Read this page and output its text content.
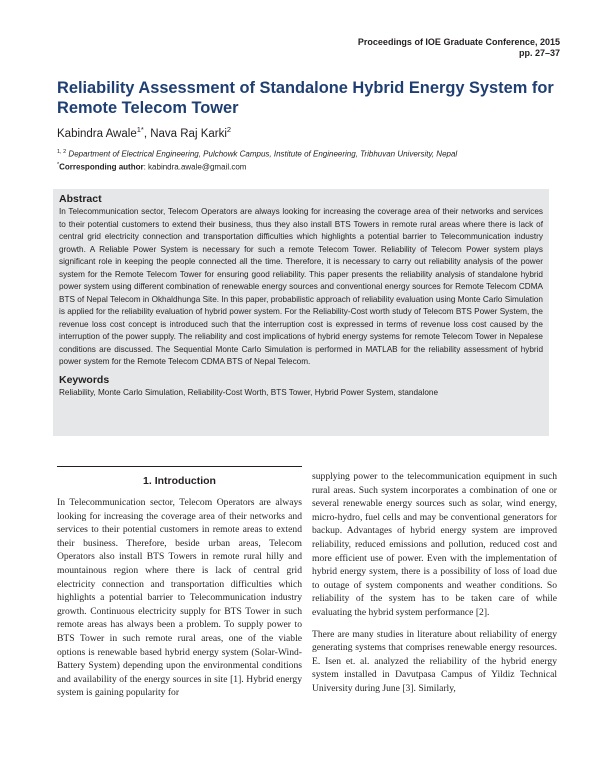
Proceedings of IOE Graduate Conference, 2015
pp. 27–37
Reliability Assessment of Standalone Hybrid Energy System for Remote Telecom Tower
Kabindra Awale$^{1*}$, Nava Raj Karki$^2$
$^{1, 2}$ Department of Electrical Engineering, Pulchowk Campus, Institute of Engineering, Tribhuvan University, Nepal
*Corresponding author: kabindra.awale@gmail.com

Abstract

In Telecommunication sector, Telecom Operators are always looking for increasing the coverage area of their networks and services to their potential customers to extend their business, thus they also install BTS Towers in remote rural areas where there is lack of central grid electricity connection and transportation difficulties which highlights a potential barrier to Telecommunication industry growth. A Reliable Power System is necessary for such a remote Telecom Tower. Reliability of Telecom Power system plays significant role in keeping the people connected all the time. Therefore, it is necessary to carry out reliability analysis of the power system for the Remote Telecom Tower for ensuring good reliability. This paper presents the reliability analysis of standalone hybrid power system using different combination of renewable energy sources and conventional energy sources for Remote Telecom CDMA BTS of Nepal Telecom in Okhaldhunga Site. In this paper, probabilistic approach of reliability evaluation using Monte Carlo Simulation is applied for the reliability evaluation of hybrid power system. For the Reliability-Cost worth study of Telecom BTS Power System, the revenue loss cost concept is introduced such that the interruption cost is expressed in terms of revenue loss cost caused by the interruption of the power supply. The reliability and cost implications of hybrid energy systems for remote Telecom Tower in Nepalese conditions are discussed. The Sequential Monte Carlo Simulation is performed in MATLAB for the reliability assessment of hybrid power system for the Remote Telecom CDMA BTS of Nepal Telecom.

Keywords

Reliability, Monte Carlo Simulation, Reliability-Cost Worth, BTS Tower, Hybrid Power System, standalone

1. Introduction

In Telecommunication sector, Telecom Operators are always looking for increasing the coverage area of their networks and services to their potential customers in remote areas to extend their business. Therefore, beside urban areas, Telecom Operators also install BTS Towers in remote rural hilly and mountainous region where there is lack of central grid electricity connection and transportation difficulties which highlights a potential barrier to Telecommunication industry growth. Continuous electricity supply for BTS Tower in such remote areas has always been a problem. To supply power to BTS Tower in such remote rural areas, one of the viable options is renewable based hybrid energy system (Solar-Wind-Battery System) depending upon the environmental conditions and availability of the energy sources in site [1]. Hybrid energy system is gaining popularity for

supplying power to the telecommunication equipment in such rural areas. Such system incorporates a combination of one or several renewable energy sources such as solar, wind energy, micro-hydro, fuel cells and may be conventional generators for backup. Advantages of hybrid energy system are improved reliability, reduced emissions and pollution, reduced cost and more efficient use of power. Even with the implementation of hybrid energy system, there is a possibility of loss of load due to outage of system components and weather conditions. So reliability of the system has to be taken care of while evaluating the hybrid system performance [2].

There are many studies in literature about reliability of energy generating systems that comprises renewable energy resources. E. Isen et. al. analyzed the reliability of the hybrid energy system installed in Davutpasa Campus of Yildiz Technical University during June [3]. Similarly,
